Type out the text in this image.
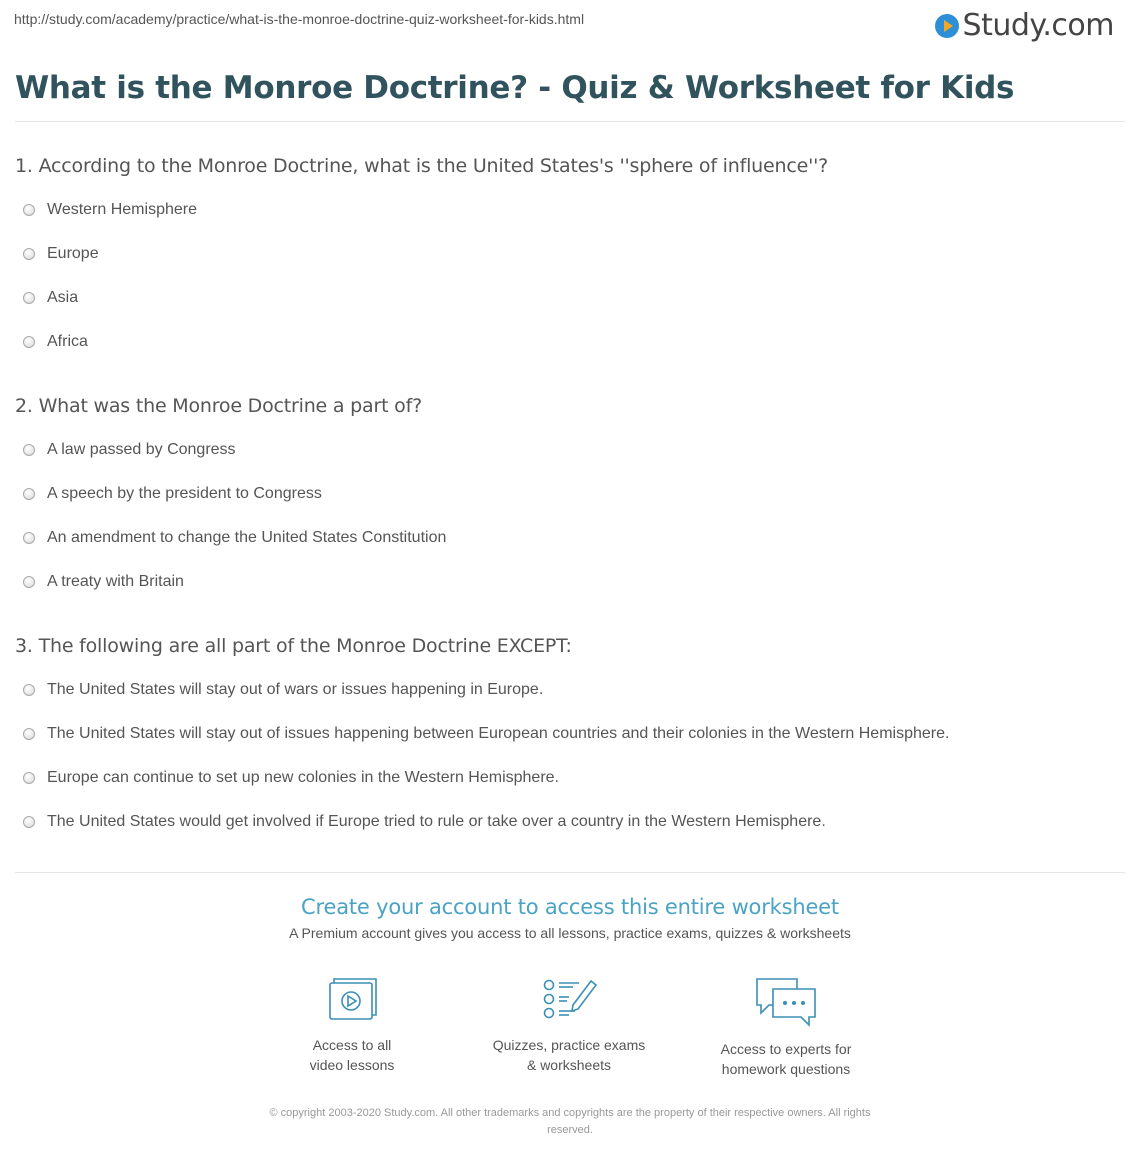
http://study.com/academy/practice/what-is-the-monroe-doctrine-quiz-worksheet-for-kids.html	Study.com
What is the Monroe Doctrine? - Quiz & Worksheet for Kids
1. According to the Monroe Doctrine, what is the United States's ''sphere of influence''?
Western Hemisphere
Europe
Asia
Africa
2. What was the Monroe Doctrine a part of?
A law passed by Congress
A speech by the president to Congress
An amendment to change the United States Constitution
A treaty with Britain
3. The following are all part of the Monroe Doctrine EXCEPT:
The United States will stay out of wars or issues happening in Europe.
The United States will stay out of issues happening between European countries and their colonies in the Western Hemisphere.
Europe can continue to set up new colonies in the Western Hemisphere.
The United States would get involved if Europe tried to rule or take over a country in the Western Hemisphere.
Create your account to access this entire worksheet
A Premium account gives you access to all lessons, practice exams, quizzes & worksheets
Access to all
video lessons
Quizzes, practice exams
& worksheets
Access to experts for
homework questions
© copyright 2003-2020 Study.com. All other trademarks and copyrights are the property of their respective owners. All rights
reserved.
